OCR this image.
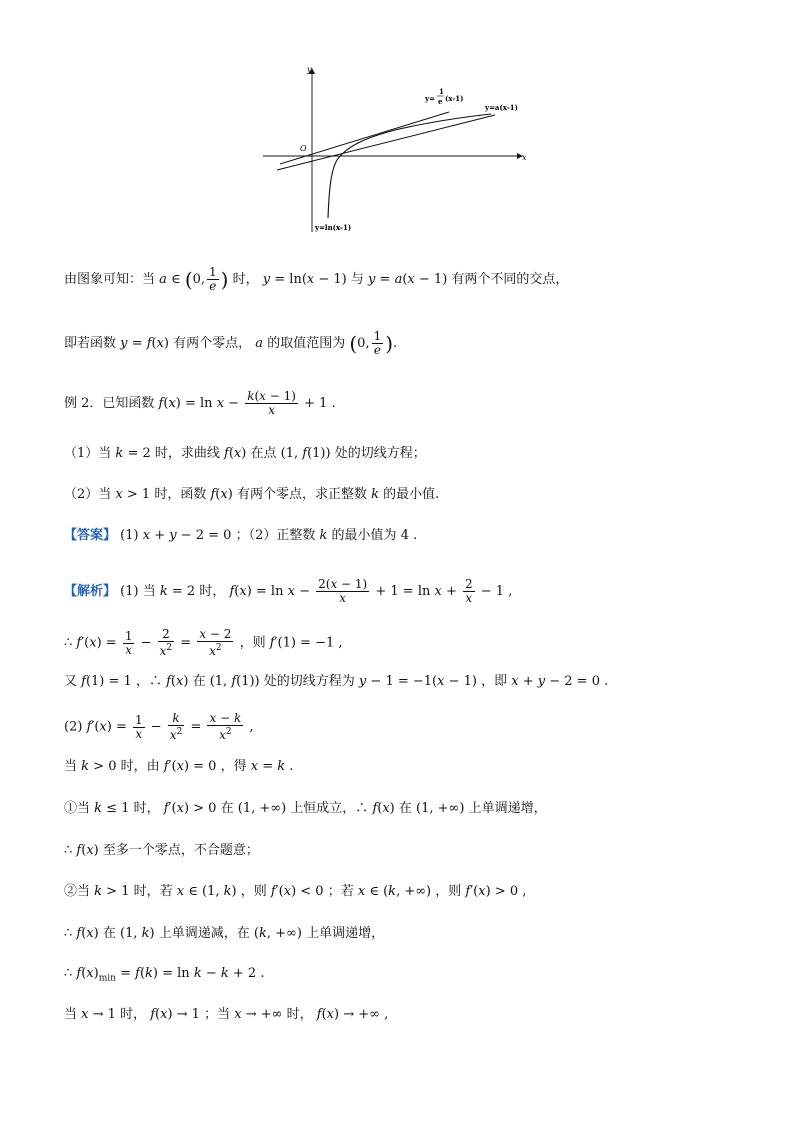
y
x
O
y=
1
e (x-1)
y=a(x-1)
y=ln(x-1)
由图象可知：当 a ∈ (0, $\frac{1}{e}$ ) 时， y = ln(x − 1) 与 y = a(x − 1) 有两个不同的交点，
即若函数 y = f(x) 有两个零点， a 的取值范围为 (0, $\frac{1}{e}$ ).
例 2．已知函数 $f(x) = \ln x - \frac{k(x - 1)}{x} + 1$ .
（1）当 k = 2 时，求曲线 f(x) 在点 (1, f(1)) 处的切线方程；
（2）当 x > 1 时，函数 f(x) 有两个零点，求正整数 k 的最小值.
【答案】 (1) x + y − 2 = 0 ；（2）正整数 k 的最小值为 4 .
【解析】 (1) 当 k = 2 时， $f(x) = \ln x - \frac{2(x - 1)}{x} + 1 = \ln x + \frac{2}{x} - 1$ ,
∴ $f'(x) = \frac{1}{x} - \frac{2}{x^2} = \frac{x - 2}{x^2}$ ，则 f′(1) = −1 ,
又 f(1) = 1 ，∴ f(x) 在 (1, f(1)) 处的切线方程为 y − 1 = −1(x − 1) ，即 x + y − 2 = 0 .
(2) $f'(x) = \frac{1}{x} - \frac{k}{x^2} = \frac{x - k}{x^2}$ ,
当 k > 0 时，由 f′(x) = 0 ，得 x = k .
①当 k ≤ 1 时， f′(x) > 0 在 (1, +∞) 上恒成立，∴ f(x) 在 (1, +∞) 上单调递增，
∴ f(x) 至多一个零点，不合题意；
②当 k > 1 时，若 x ∈ (1, k) ，则 f′(x) < 0 ；若 x ∈ (k, +∞) ，则 f′(x) > 0 ,
∴ f(x) 在 (1, k) 上单调递减，在 (k, +∞) 上单调递增，
∴ $f(x)_{min} = f(k) = \ln k - k + 2$ .
当 x → 1 时， f(x) → 1 ；当 x → +∞ 时， f(x) → +∞ ,
